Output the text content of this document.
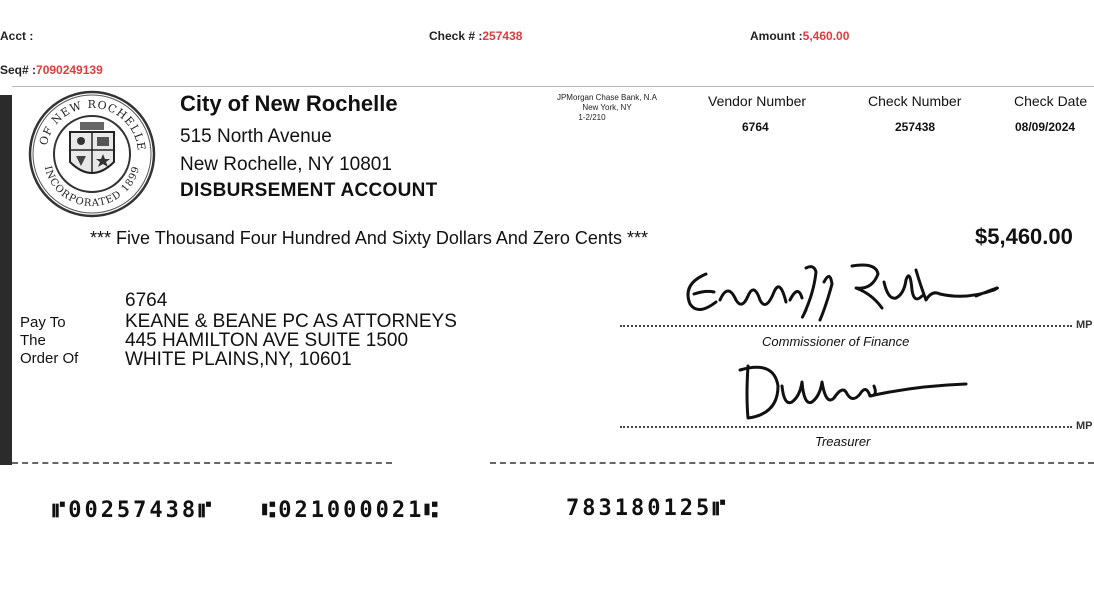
Acct :	Check # :257438	Amount :5,460.00
Seq# :7090249139
OF NEW ROCHELLE
INCORPORATED 1899
City of New Rochelle
515 North Avenue
New Rochelle, NY 10801
DISBURSEMENT ACCOUNT
JPMorgan Chase Bank, N.A
New York, NY
1-2/210
Vendor Number
6764
Check Number
257438
Check Date
08/09/2024
*** Five Thousand Four Hundred And Sixty Dollars And Zero Cents ***	$5,460.00
6764
Pay To
The
Order Of
KEANE & BEANE PC AS ATTORNEYS
445 HAMILTON AVE SUITE 1500
WHITE PLAINS,NY, 10601
MP
Commissioner of Finance
MP
Treasurer
⑈00257438⑈ ⑆021000021⑆	783180125⑈
